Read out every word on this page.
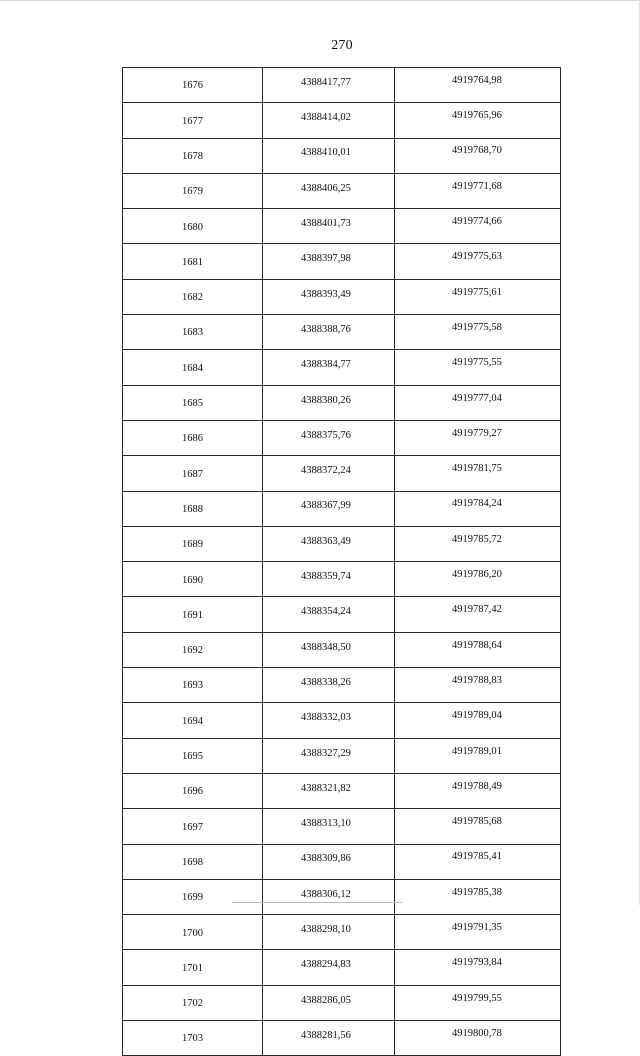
270
1676	4388417,77	4919764,98
1677	4388414,02	4919765,96
1678	4388410,01	4919768,70
1679	4388406,25	4919771,68
1680	4388401,73	4919774,66
1681	4388397,98	4919775,63
1682	4388393,49	4919775,61
1683	4388388,76	4919775,58
1684	4388384,77	4919775,55
1685	4388380,26	4919777,04
1686	4388375,76	4919779,27
1687	4388372,24	4919781,75
1688	4388367,99	4919784,24
1689	4388363,49	4919785,72
1690	4388359,74	4919786,20
1691	4388354,24	4919787,42
1692	4388348,50	4919788,64
1693	4388338,26	4919788,83
1694	4388332,03	4919789,04
1695	4388327,29	4919789,01
1696	4388321,82	4919788,49
1697	4388313,10	4919785,68
1698	4388309,86	4919785,41
1699	4388306,12	4919785,38
1700	4388298,10	4919791,35
1701	4388294,83	4919793,84
1702	4388286,05	4919799,55
1703	4388281,56	4919800,78
